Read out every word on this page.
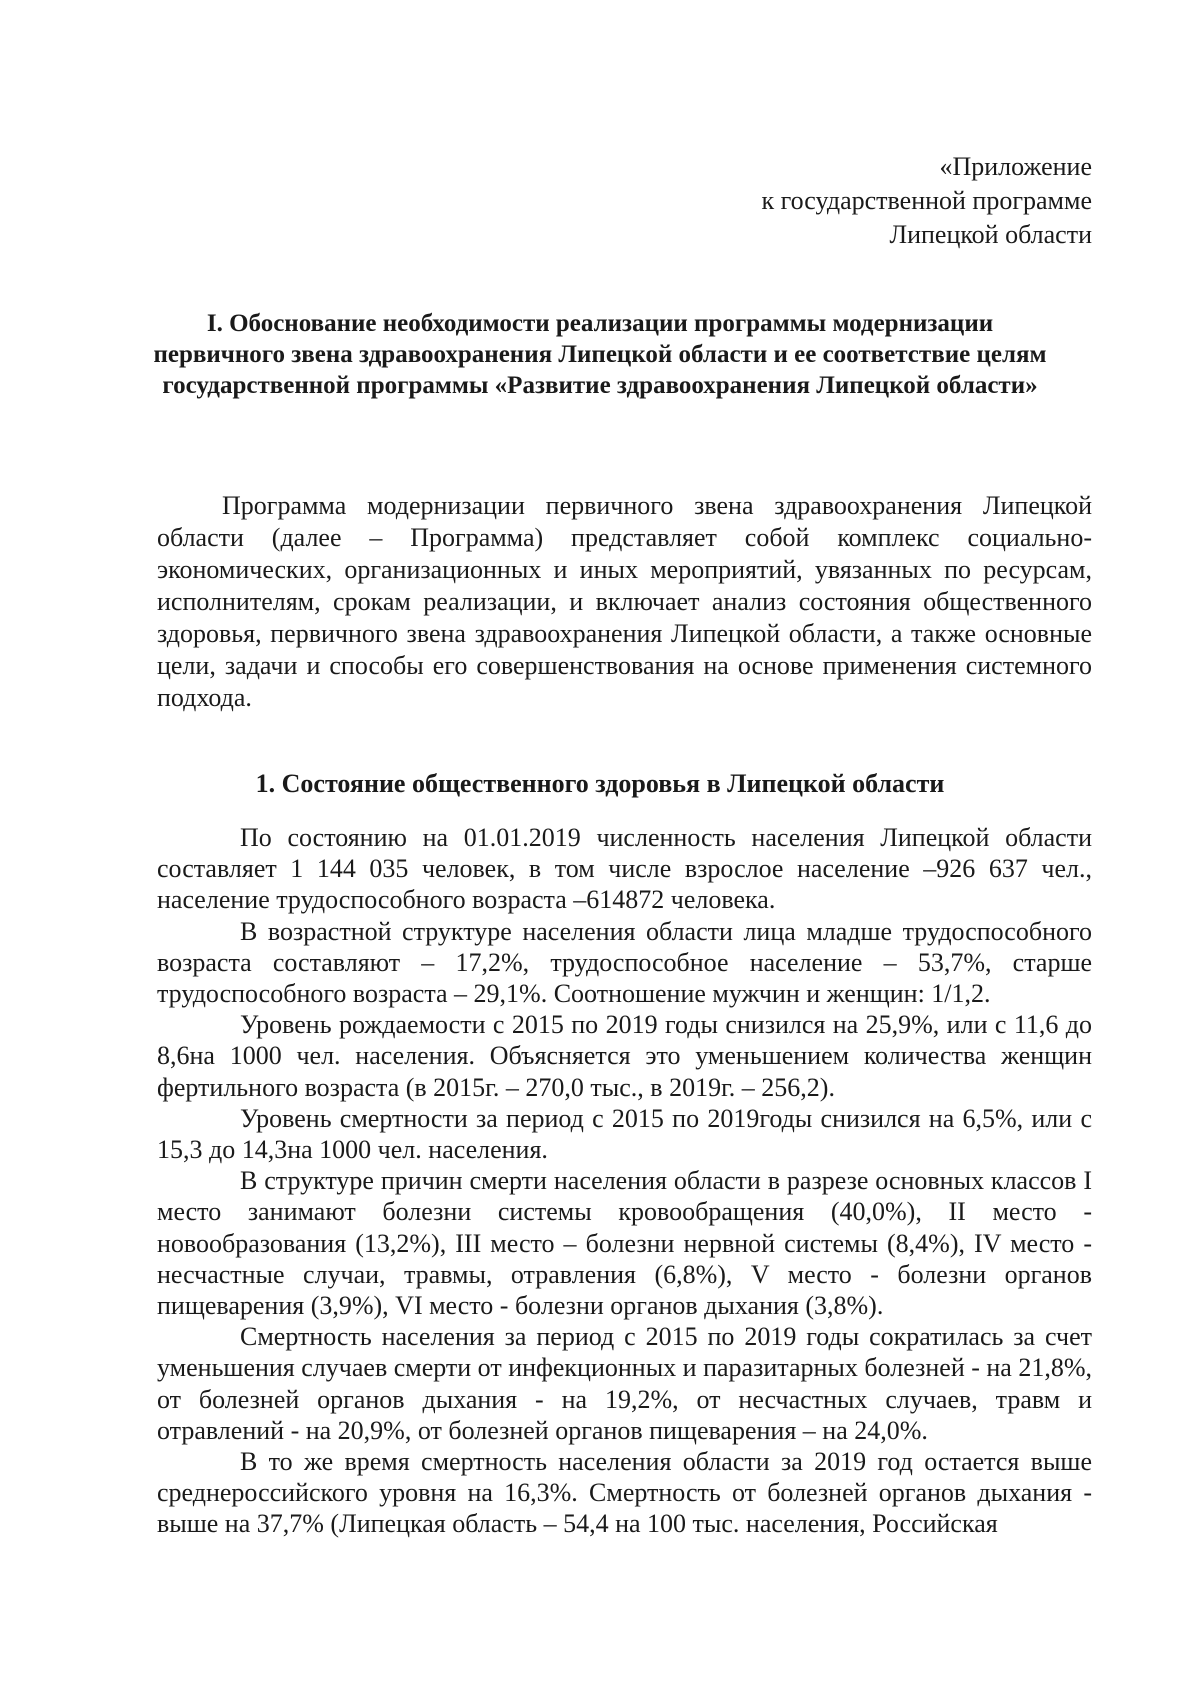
«Приложение
к государственной программе
Липецкой области
I. Обоснование необходимости реализации программы модернизации первичного звена здравоохранения Липецкой области и ее соответствие целям государственной программы «Развитие здравоохранения Липецкой области»

Программа модернизации первичного звена здравоохранения Липецкой области (далее – Программа) представляет собой комплекс социально-экономических, организационных и иных мероприятий, увязанных по ресурсам, исполнителям, срокам реализации, и включает анализ состояния общественного здоровья, первичного звена здравоохранения Липецкой области, а также основные цели, задачи и способы его совершенствования на основе применения системного подхода.

1. Состояние общественного здоровья в Липецкой области

По состоянию на 01.01.2019 численность населения Липецкой области составляет 1 144 035 человек, в том числе взрослое население –926 637 чел., население трудоспособного возраста –614872 человека.

В возрастной структуре населения области лица младше трудоспособного возраста составляют – 17,2%, трудоспособное население – 53,7%, старше трудоспособного возраста – 29,1%. Соотношение мужчин и женщин: 1/1,2.

Уровень рождаемости с 2015 по 2019 годы снизился на 25,9%, или с 11,6 до 8,6на 1000 чел. населения. Объясняется это уменьшением количества женщин фертильного возраста (в 2015г. – 270,0 тыс., в 2019г. – 256,2).

Уровень смертности за период с 2015 по 2019годы снизился на 6,5%, или с 15,3 до 14,3на 1000 чел. населения.

В структуре причин смерти населения области в разрезе основных классов I место занимают болезни системы кровообращения (40,0%), II место - новообразования (13,2%), III место – болезни нервной системы (8,4%), IV место - несчастные случаи, травмы, отравления (6,8%), V место - болезни органов пищеварения (3,9%), VI место - болезни органов дыхания (3,8%).

Смертность населения за период с 2015 по 2019 годы сократилась за счет уменьшения случаев смерти от инфекционных и паразитарных болезней - на 21,8%, от болезней органов дыхания - на 19,2%, от несчастных случаев, травм и отравлений - на 20,9%, от болезней органов пищеварения – на 24,0%.

В то же время смертность населения области за 2019 год остается выше среднероссийского уровня на 16,3%. Смертность от болезней органов дыхания - выше на 37,7% (Липецкая область – 54,4 на 100 тыс. населения, Российская
